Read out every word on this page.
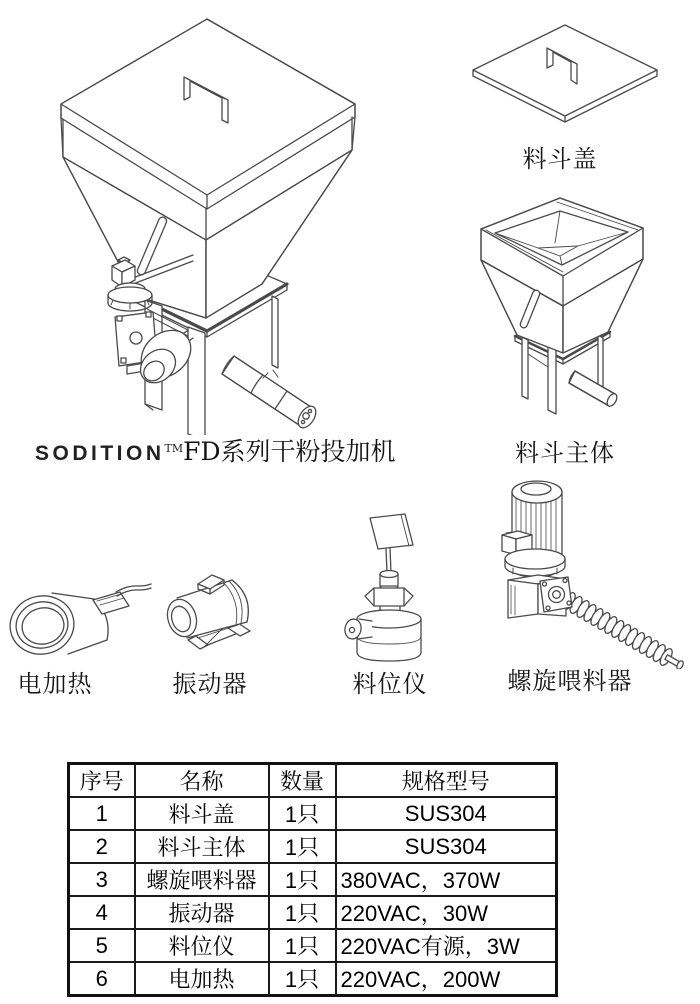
SODITION™FD系列干粉投加机
料斗盖
料斗主体
电加热	振动器	料位仪	螺旋喂料器
序号	名称	数量	规格型号
1	料斗盖	1只	SUS304
2	料斗主体	1只	SUS304
3	螺旋喂料器	1只	380VAC，370W
4	振动器	1只	220VAC，30W
5	料位仪	1只	220VAC有源，3W
6	电加热	1只	220VAC，200W
